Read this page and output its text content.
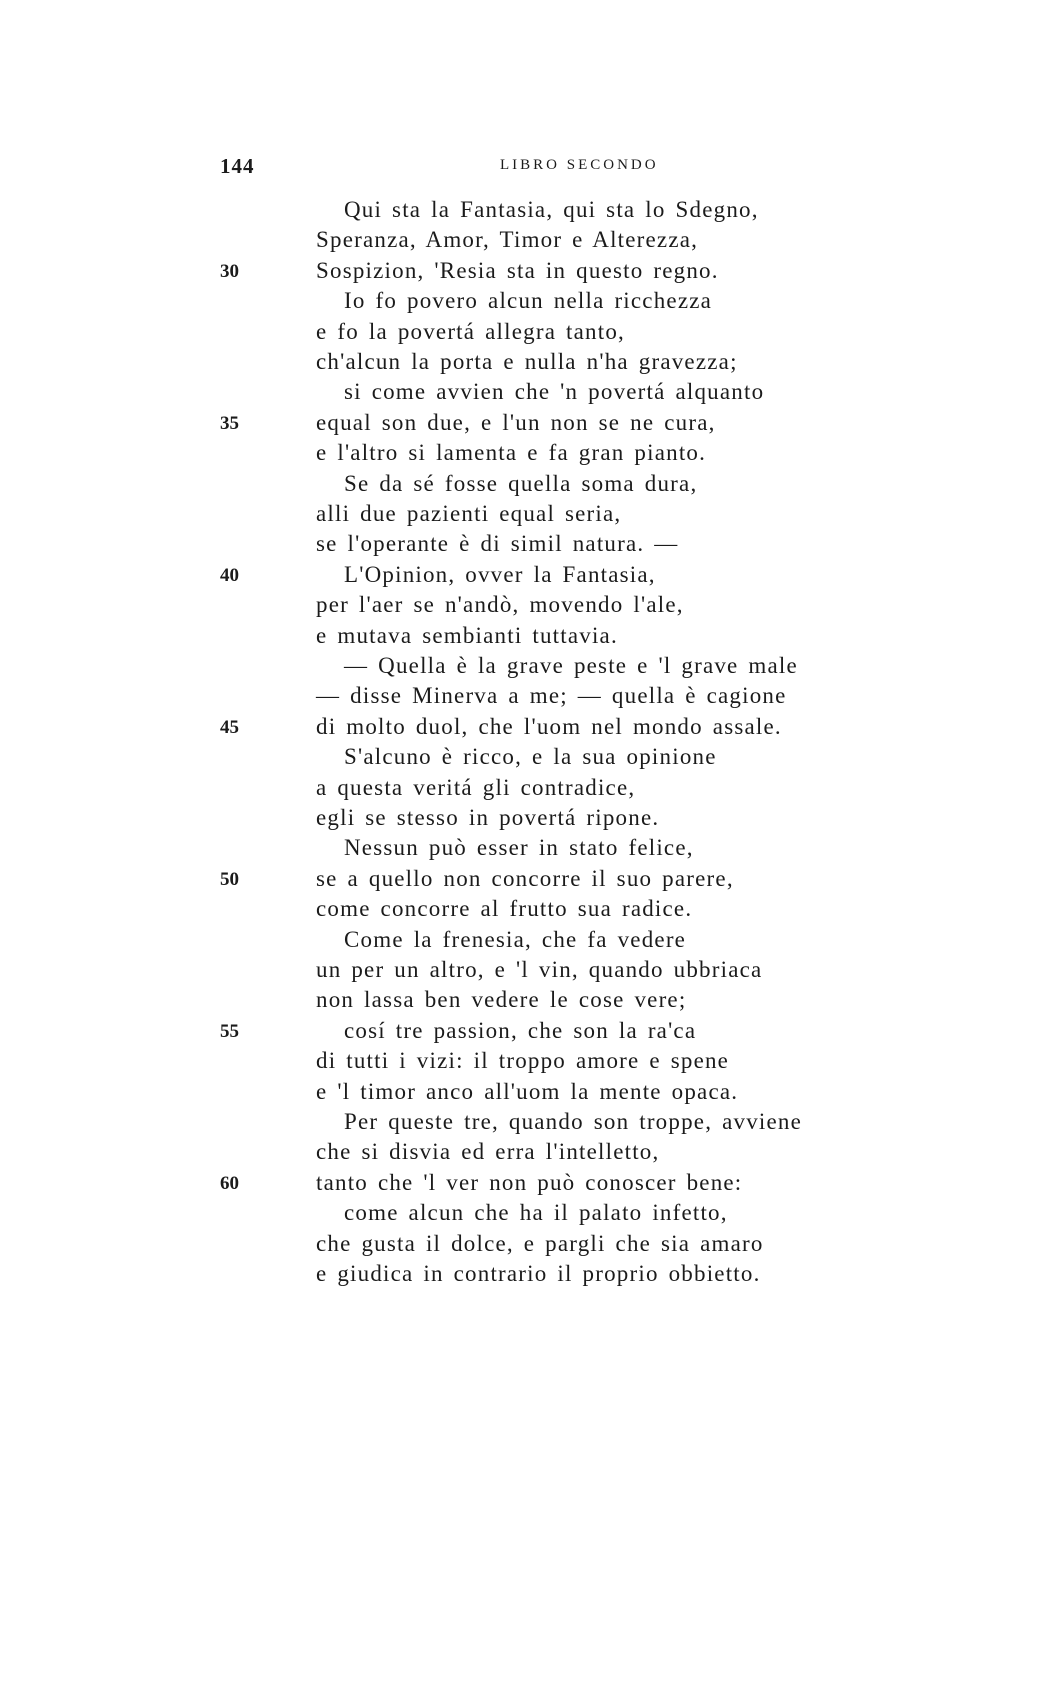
144	LIBRO SECONDO
Qui sta la Fantasia, qui sta lo Sdegno,
Speranza, Amor, Timor e Alterezza,
Sospizion, 'Resia sta in questo regno.
30
Io fo povero alcun nella ricchezza
e fo la povertá allegra tanto,
ch'alcun la porta e nulla n'ha gravezza;
si come avvien che 'n povertá alquanto
equal son due, e l'un non se ne cura,
35
e l'altro si lamenta e fa gran pianto.
Se da sé fosse quella soma dura,
alli due pazienti equal seria,
se l'operante è di simil natura. —
L'Opinion, ovver la Fantasia,
40
per l'aer se n'andò, movendo l'ale,
e mutava sembianti tuttavia.
— Quella è la grave peste e 'l grave male
— disse Minerva a me; — quella è cagione
di molto duol, che l'uom nel mondo assale.
45
S'alcuno è ricco, e la sua opinione
a questa veritá gli contradice,
egli se stesso in povertá ripone.
Nessun può esser in stato felice,
se a quello non concorre il suo parere,
50
come concorre al frutto sua radice.
Come la frenesia, che fa vedere
un per un altro, e 'l vin, quando ubbriaca
non lassa ben vedere le cose vere;
cosí tre passion, che son la ra'ca
55
di tutti i vizi: il troppo amore e spene
e 'l timor anco all'uom la mente opaca.
Per queste tre, quando son troppe, avviene
che si disvia ed erra l'intelletto,
tanto che 'l ver non può conoscer bene:
60
come alcun che ha il palato infetto,
che gusta il dolce, e pargli che sia amaro
e giudica in contrario il proprio obbietto.
